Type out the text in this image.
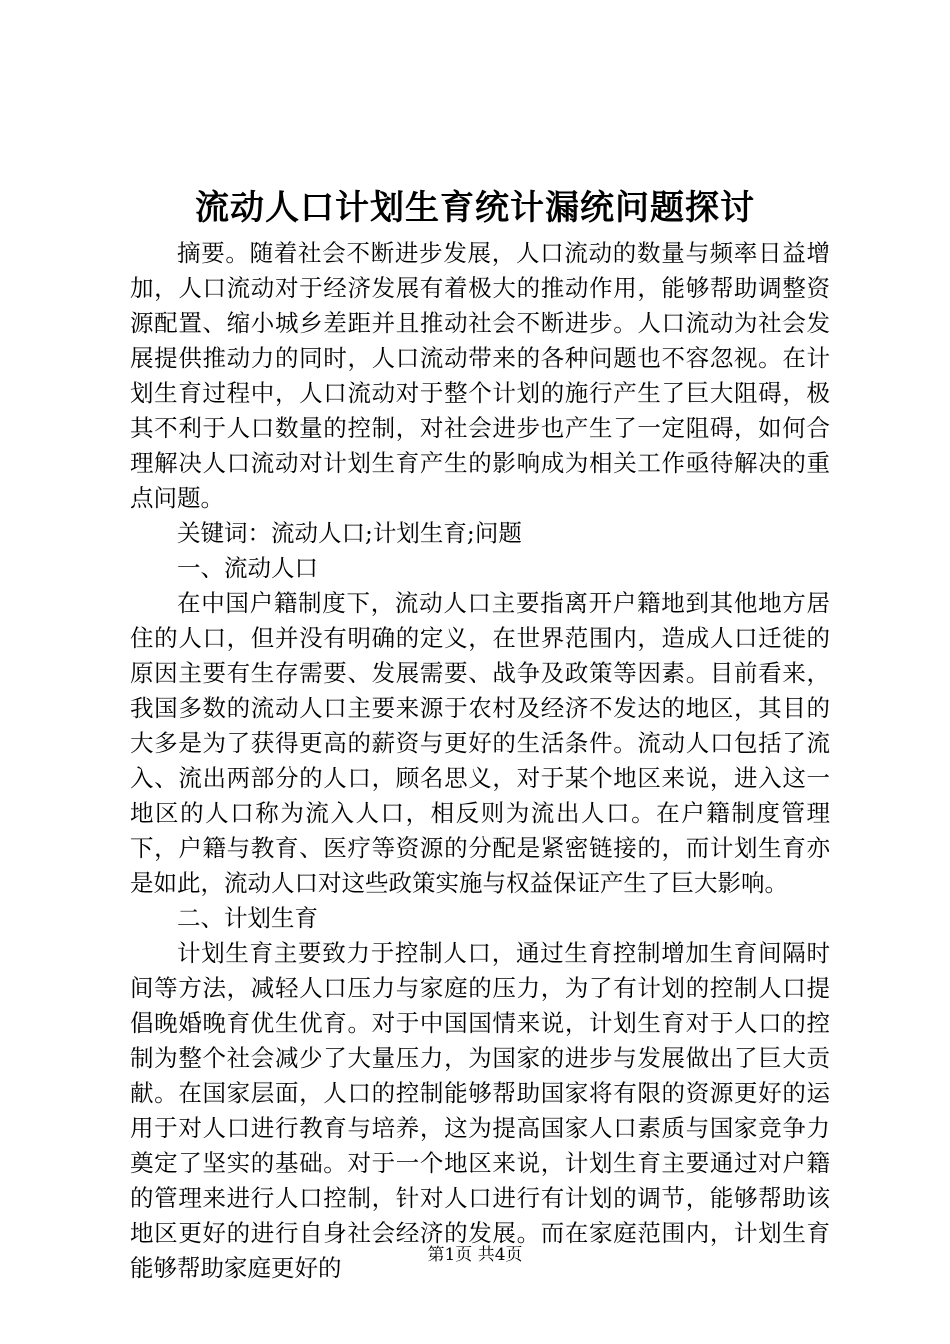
流动人口计划生育统计漏统问题探讨

摘要。随着社会不断进步发展，人口流动的数量与频率日益增加，人口流动对于经济发展有着极大的推动作用，能够帮助调整资源配置、缩小城乡差距并且推动社会不断进步。人口流动为社会发展提供推动力的同时，人口流动带来的各种问题也不容忽视。在计划生育过程中，人口流动对于整个计划的施行产生了巨大阻碍，极其不利于人口数量的控制，对社会进步也产生了一定阻碍，如何合理解决人口流动对计划生育产生的影响成为相关工作亟待解决的重点问题。

关键词：流动人口;计划生育;问题

一、流动人口

在中国户籍制度下，流动人口主要指离开户籍地到其他地方居住的人口，但并没有明确的定义，在世界范围内，造成人口迁徙的原因主要有生存需要、发展需要、战争及政策等因素。目前看来，我国多数的流动人口主要来源于农村及经济不发达的地区，其目的大多是为了获得更高的薪资与更好的生活条件。流动人口包括了流入、流出两部分的人口，顾名思义，对于某个地区来说，进入这一地区的人口称为流入人口，相反则为流出人口。在户籍制度管理下，户籍与教育、医疗等资源的分配是紧密链接的，而计划生育亦是如此，流动人口对这些政策实施与权益保证产生了巨大影响。

二、计划生育

计划生育主要致力于控制人口，通过生育控制增加生育间隔时间等方法，减轻人口压力与家庭的压力，为了有计划的控制人口提倡晚婚晚育优生优育。对于中国国情来说，计划生育对于人口的控制为整个社会减少了大量压力，为国家的进步与发展做出了巨大贡献。在国家层面，人口的控制能够帮助国家将有限的资源更好的运用于对人口进行教育与培养，这为提高国家人口素质与国家竞争力奠定了坚实的基础。对于一个地区来说，计划生育主要通过对户籍的管理来进行人口控制，针对人口进行有计划的调节，能够帮助该地区更好的进行自身社会经济的发展。而在家庭范围内，计划生育能够帮助家庭更好的	第1页 共4页
